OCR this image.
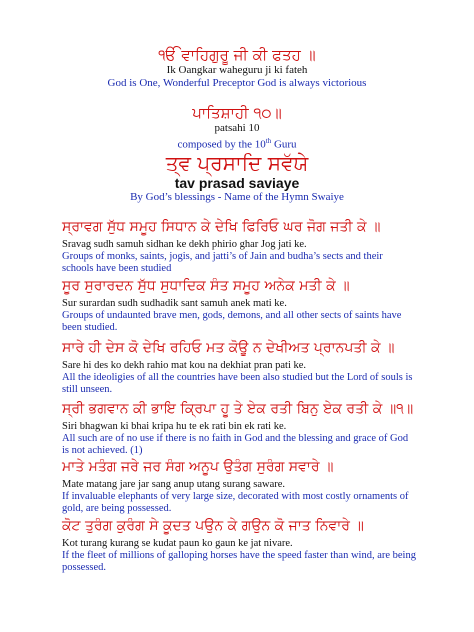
ੴ ਵਾਹਿਗੁਰੂ ਜੀ ਕੀ ਫਤਹ ॥
Ik Oangkar waheguru ji ki fateh
God is One, Wonderful Preceptor God is always victorious
ਪਾਤਿਸ਼ਾਹੀ ੧੦॥
patsahi 10
composed by the 10th Guru
ਤ੍ਵ ਪ੍ਰਸਾਦਿ ਸਵੱਯੇ
tav prasad saviaye
By God’s blessings - Name of the Hymn Swaiye
ਸ੍ਰਾਵਗ ਸੁੱਧ ਸਮੂਹ ਸਿਧਾਨ ਕੇ ਦੇਖਿ ਫਿਰਿਓ ਘਰ ਜੋਗ ਜਤੀ ਕੇ ॥
Sravag sudh samuh sidhan ke dekh phirio ghar Jog jati ke.
Groups of monks, saints, jogis, and jatti’s of Jain and budha’s sects and their schools have been studied
ਸੂਰ ਸੁਰਾਰਦਨ ਸੁੱਧ ਸੁਧਾਦਿਕ ਸੰਤ ਸਮੂਹ ਅਨੇਕ ਮਤੀ ਕੇ ॥
Sur surardan sudh sudhadik sant samuh anek mati ke.
Groups of undaunted brave men, gods, demons, and all other sects of saints have been studied.
ਸਾਰੇ ਹੀ ਦੇਸ ਕੋ ਦੇਖਿ ਰਹਿਓ ਮਤ ਕੋਊ ਨ ਦੇਖੀਅਤ ਪ੍ਰਾਨਪਤੀ ਕੇ ॥
Sare hi des ko dekh rahio mat kou na dekhiat pran pati ke.
All the ideoligies of all the countries have been also studied but the Lord of souls is still unseen.
ਸ੍ਰੀ ਭਗਵਾਨ ਕੀ ਭਾਇ ਕ੍ਰਿਪਾ ਹੂ ਤੇ ਏਕ ਰਤੀ ਬਿਨੁ ਏਕ ਰਤੀ ਕੇ ॥੧॥
Siri bhagwan ki bhai kripa hu te ek rati bin ek rati ke.
All such are of no use if there is no faith in God and the blessing and grace of God is not achieved. (1)
ਮਾਤੇ ਮਤੰਗ ਜਰੇ ਜਰ ਸੰਗ ਅਨੂਪ ਉਤੰਗ ਸੁਰੰਗ ਸਵਾਰੇ ॥
Mate matang jare jar sang anup utang surang saware.
If invaluable elephants of very large size, decorated with most costly ornaments of gold, are being possessed.
ਕੋਟ ਤੁਰੰਗ ਕੁਰੰਗ ਸੇ ਕੂਦਤ ਪਉਨ ਕੇ ਗਉਨ ਕੋ ਜਾਤ ਨਿਵਾਰੇ ॥
Kot turang kurang se kudat paun ko gaun ke jat nivare.
If the fleet of millions of galloping horses have the speed faster than wind, are being possessed.
